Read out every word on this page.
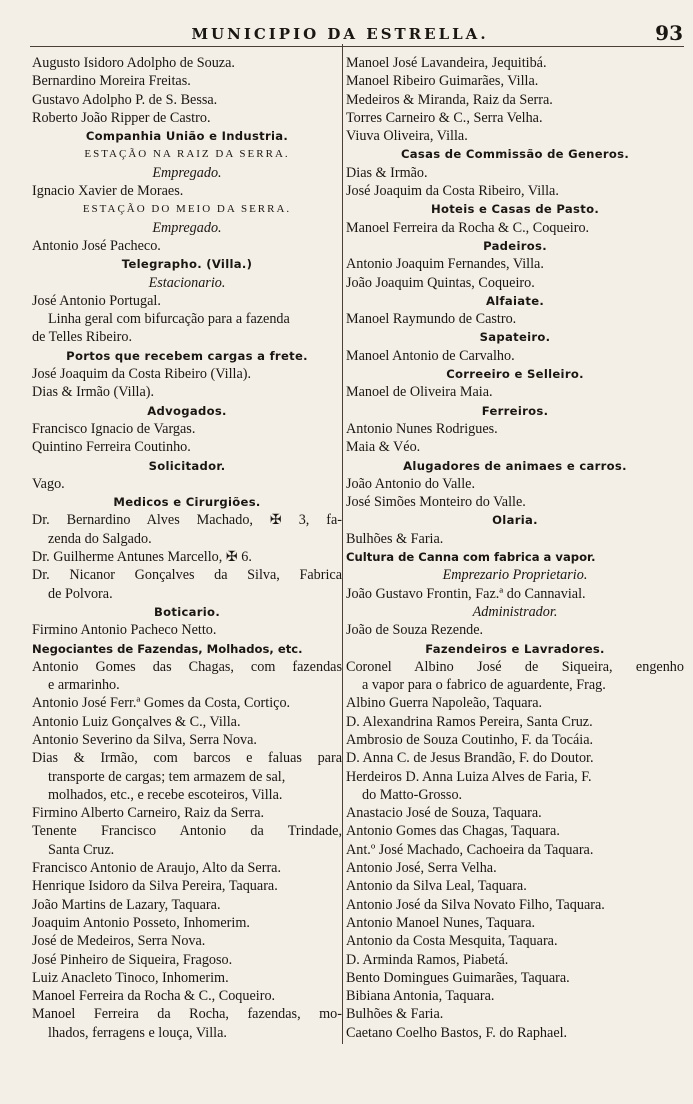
MUNICIPIO DA ESTRELLA.	93
Augusto Isidoro Adolpho de Souza.
Bernardino Moreira Freitas.
Gustavo Adolpho P. de S. Bessa.
Roberto João Ripper de Castro.
Companhia União e Industria.
ESTAÇÃO NA RAIZ DA SERRA.
Empregado.
Ignacio Xavier de Moraes.
ESTAÇÃO DO MEIO DA SERRA.
Empregado.
Antonio José Pacheco.
Telegrapho. (Villa.)
Estacionario.
José Antonio Portugal.
Linha geral com bifurcação para a fazenda
de Telles Ribeiro.
Portos que recebem cargas a frete.
José Joaquim da Costa Ribeiro (Villa).
Dias & Irmão (Villa).
Advogados.
Francisco Ignacio de Vargas.
Quintino Ferreira Coutinho.
Solicitador.
Vago.
Medicos e Cirurgiões.
Dr. Bernardino Alves Machado, ✠ 3, fa-
zenda do Salgado.
Dr. Guilherme Antunes Marcello, ✠ 6.
Dr. Nicanor Gonçalves da Silva, Fabrica
de Polvora.
Boticario.
Firmino Antonio Pacheco Netto.
Negociantes de Fazendas, Molhados, etc.
Antonio Gomes das Chagas, com fazendas
e armarinho.
Antonio José Ferr.ª Gomes da Costa, Cortiço.
Antonio Luiz Gonçalves & C., Villa.
Antonio Severino da Silva, Serra Nova.
Dias & Irmão, com barcos e faluas para
transporte de cargas; tem armazem de sal,
molhados, etc., e recebe escoteiros, Villa.
Firmino Alberto Carneiro, Raiz da Serra.
Tenente Francisco Antonio da Trindade,
Santa Cruz.
Francisco Antonio de Araujo, Alto da Serra.
Henrique Isidoro da Silva Pereira, Taquara.
João Martins de Lazary, Taquara.
Joaquim Antonio Posseto, Inhomerim.
José de Medeiros, Serra Nova.
José Pinheiro de Siqueira, Fragoso.
Luiz Anacleto Tinoco, Inhomerim.
Manoel Ferreira da Rocha & C., Coqueiro.
Manoel Ferreira da Rocha, fazendas, mo-
lhados, ferragens e louça, Villa.
Manoel José Lavandeira, Jequitibá.
Manoel Ribeiro Guimarães, Villa.
Medeiros & Miranda, Raiz da Serra.
Torres Carneiro & C., Serra Velha.
Viuva Oliveira, Villa.
Casas de Commissão de Generos.
Dias & Irmão.
José Joaquim da Costa Ribeiro, Villa.
Hoteis e Casas de Pasto.
Manoel Ferreira da Rocha & C., Coqueiro.
Padeiros.
Antonio Joaquim Fernandes, Villa.
João Joaquim Quintas, Coqueiro.
Alfaiate.
Manoel Raymundo de Castro.
Sapateiro.
Manoel Antonio de Carvalho.
Correeiro e Selleiro.
Manoel de Oliveira Maia.
Ferreiros.
Antonio Nunes Rodrigues.
Maia & Véo.
Alugadores de animaes e carros.
João Antonio do Valle.
José Simões Monteiro do Valle.
Olaria.
Bulhões & Faria.
Cultura de Canna com fabrica a vapor.
Emprezario Proprietario.
João Gustavo Frontin, Faz.ª do Cannavial.
Administrador.
João de Souza Rezende.
Fazendeiros e Lavradores.
Coronel Albino José de Siqueira, engenho
a vapor para o fabrico de aguardente, Frag.
Albino Guerra Napoleão, Taquara.
D. Alexandrina Ramos Pereira, Santa Cruz.
Ambrosio de Souza Coutinho, F. da Tocáia.
D. Anna C. de Jesus Brandão, F. do Doutor.
Herdeiros D. Anna Luiza Alves de Faria, F.
do Matto-Grosso.
Anastacio José de Souza, Taquara.
Antonio Gomes das Chagas, Taquara.
Ant.º José Machado, Cachoeira da Taquara.
Antonio José, Serra Velha.
Antonio da Silva Leal, Taquara.
Antonio José da Silva Novato Filho, Taquara.
Antonio Manoel Nunes, Taquara.
Antonio da Costa Mesquita, Taquara.
D. Arminda Ramos, Piabetá.
Bento Domingues Guimarães, Taquara.
Bibiana Antonia, Taquara.
Bulhões & Faria.
Caetano Coelho Bastos, F. do Raphael.
